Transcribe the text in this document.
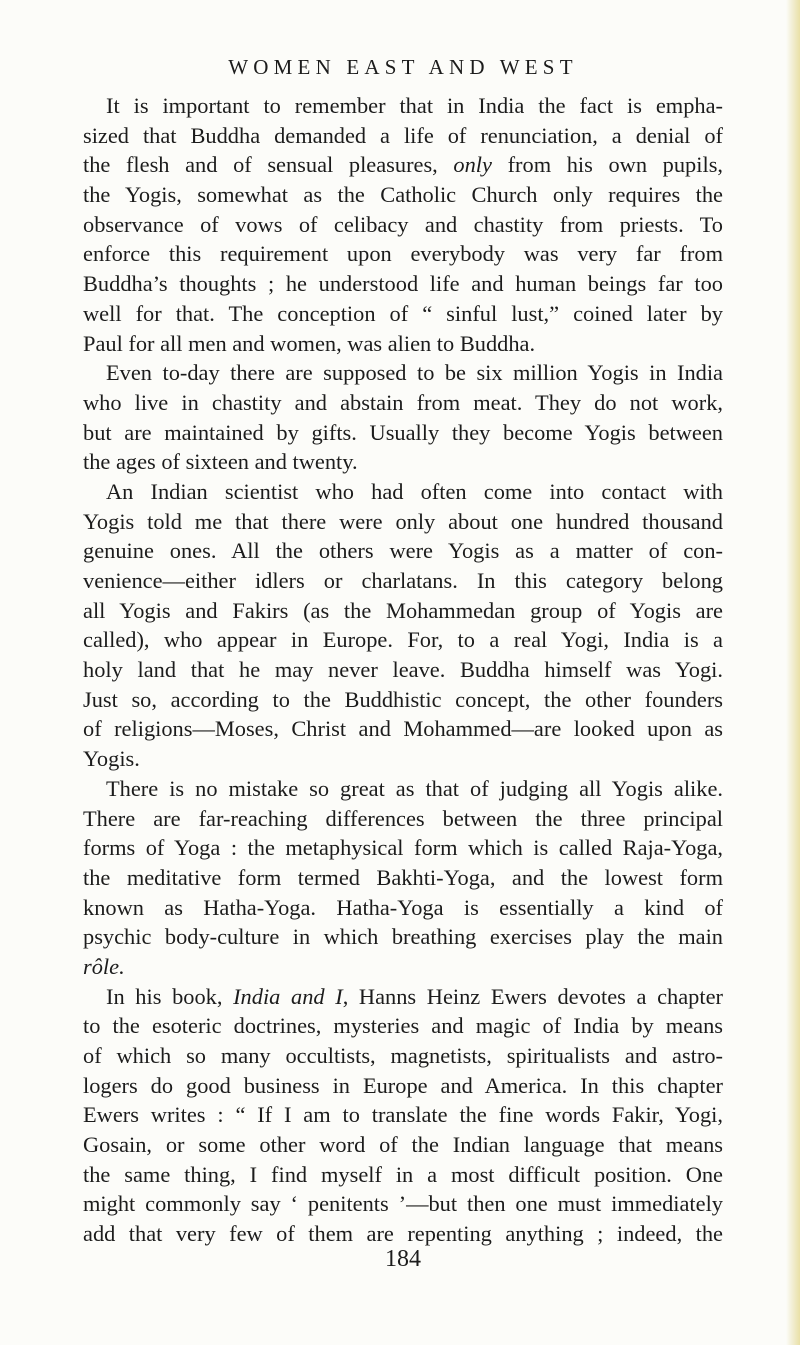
WOMEN EAST AND WEST
It is important to remember that in India the fact is empha-
sized that Buddha demanded a life of renunciation, a denial of
the flesh and of sensual pleasures, only from his own pupils,
the Yogis, somewhat as the Catholic Church only requires the
observance of vows of celibacy and chastity from priests. To
enforce this requirement upon everybody was very far from
Buddha’s thoughts ; he understood life and human beings far too
well for that. The conception of “ sinful lust,” coined later by
Paul for all men and women, was alien to Buddha.
Even to-day there are supposed to be six million Yogis in India
who live in chastity and abstain from meat. They do not work,
but are maintained by gifts. Usually they become Yogis between
the ages of sixteen and twenty.
An Indian scientist who had often come into contact with
Yogis told me that there were only about one hundred thousand
genuine ones. All the others were Yogis as a matter of con-
venience—either idlers or charlatans. In this category belong
all Yogis and Fakirs (as the Mohammedan group of Yogis are
called), who appear in Europe. For, to a real Yogi, India is a
holy land that he may never leave. Buddha himself was Yogi.
Just so, according to the Buddhistic concept, the other founders
of religions—Moses, Christ and Mohammed—are looked upon as
Yogis.
There is no mistake so great as that of judging all Yogis alike.
There are far-reaching differences between the three principal
forms of Yoga : the metaphysical form which is called Raja-Yoga,
the meditative form termed Bakhti-Yoga, and the lowest form
known as Hatha-Yoga. Hatha-Yoga is essentially a kind of
psychic body-culture in which breathing exercises play the main
rôle.
In his book, India and I, Hanns Heinz Ewers devotes a chapter
to the esoteric doctrines, mysteries and magic of India by means
of which so many occultists, magnetists, spiritualists and astro-
logers do good business in Europe and America. In this chapter
Ewers writes : “ If I am to translate the fine words Fakir, Yogi,
Gosain, or some other word of the Indian language that means
the same thing, I find myself in a most difficult position. One
might commonly say ‘ penitents ’—but then one must immediately
add that very few of them are repenting anything ; indeed, the
184
